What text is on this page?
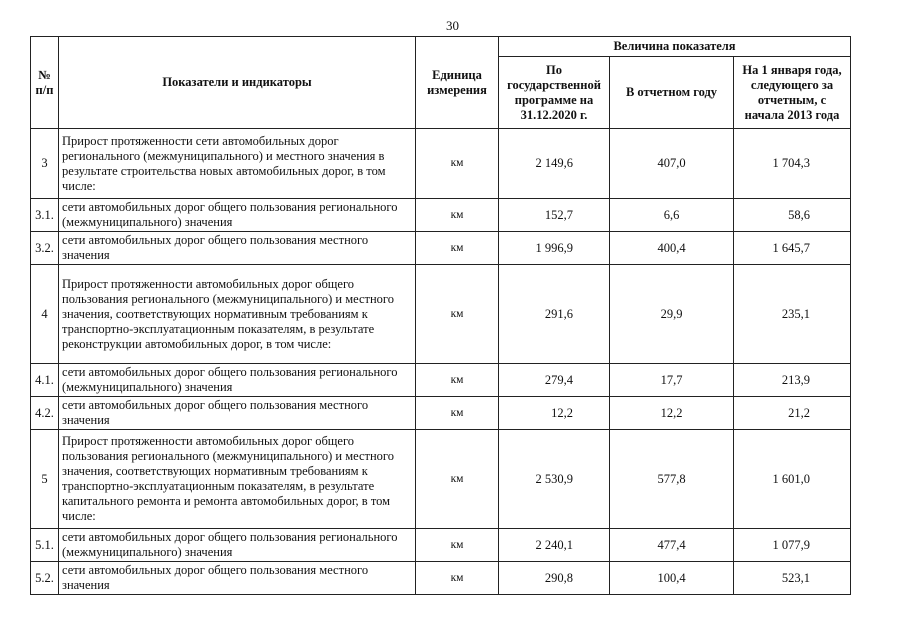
30
№ п/п	Показатели и индикаторы	Единица измерения	Величина показателя		
			По государственной программе на 31.12.2020 г.	В отчетном году	На 1 января года, следующего за отчетным, с начала 2013 года
3	Прирост протяженности сети автомобильных дорог регионального (межмуниципального) и местного значения в результате строительства новых автомобильных дорог, в том числе:	км	2 149,6	407,0	1 704,3
3.1.	сети автомобильных дорог общего пользования регионального (межмуниципального) значения	км	152,7	6,6	58,6
3.2.	сети автомобильных дорог общего пользования местного значения	км	1 996,9	400,4	1 645,7
4	Прирост протяженности автомобильных дорог общего пользования регионального (межмуниципального) и местного значения, соответствующих нормативным требованиям к транспортно-эксплуатационным показателям, в результате реконструкции автомобильных дорог, в том числе:	км	291,6	29,9	235,1
4.1.	сети автомобильных дорог общего пользования регионального (межмуниципального) значения	км	279,4	17,7	213,9
4.2.	сети автомобильных дорог общего пользования местного значения	км	12,2	12,2	21,2
5	Прирост протяженности автомобильных дорог общего пользования регионального (межмуниципального) и местного значения, соответствующих нормативным требованиям к транспортно-эксплуатационным показателям, в результате капитального ремонта и ремонта автомобильных дорог, в том числе:	км	2 530,9	577,8	1 601,0
5.1.	сети автомобильных дорог общего пользования регионального (межмуниципального) значения	км	2 240,1	477,4	1 077,9
5.2.	сети автомобильных дорог общего пользования местного значения	км	290,8	100,4	523,1
